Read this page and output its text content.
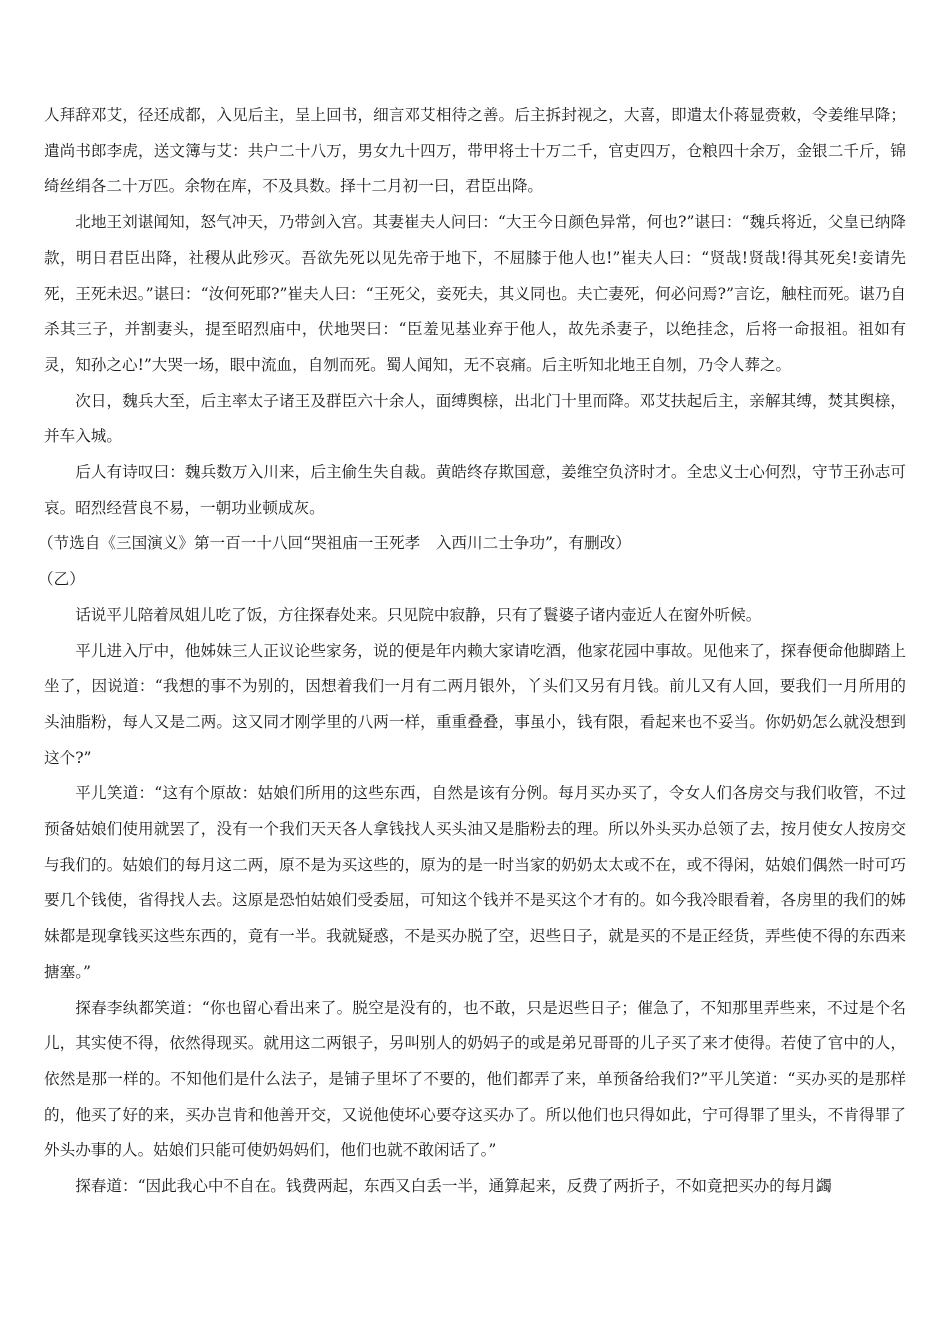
人拜辞邓艾，径还成都，入见后主，呈上回书，细言邓艾相待之善。后主拆封视之，大喜，即遣太仆蒋显赍敕，令姜维早降；遣尚书郎李虎，送文簿与艾：共户二十八万，男女九十四万，带甲将士十万二千，官吏四万，仓粮四十余万，金银二千斤，锦绮丝绢各二十万匹。余物在库，不及具数。择十二月初一曰，君臣出降。

北地王刘谌闻知，怒气冲天，乃带剑入宫。其妻崔夫人问曰：“大王今日颜色异常，何也?”谌曰：“魏兵将近，父皇已纳降款，明日君臣出降，社稷从此殄灭。吾欲先死以见先帝于地下，不屈膝于他人也!”崔夫人曰：“贤哉!贤哉!得其死矣!妾请先死，王死未迟。”谌曰：“汝何死耶?”崔夫人曰：“王死父，妾死夫，其义同也。夫亡妻死，何必问焉?”言讫，触柱而死。谌乃自杀其三子，并割妻头，提至昭烈庙中，伏地哭曰：“臣羞见基业弃于他人，故先杀妻子，以绝挂念，后将一命报祖。祖如有灵，知孙之心!”大哭一场，眼中流血，自刎而死。蜀人闻知，无不哀痛。后主听知北地王自刎，乃令人葬之。

次日，魏兵大至，后主率太子诸王及群臣六十余人，面缚舆榇，出北门十里而降。邓艾扶起后主，亲解其缚，焚其舆榇，并车入城。

后人有诗叹曰：魏兵数万入川来，后主偷生失自裁。黄皓终存欺国意，姜维空负济时才。全忠义士心何烈，守节王孙志可哀。昭烈经营良不易，一朝功业顿成灰。

（节选自《三国演义》第一百一十八回“哭祖庙一王死孝　入西川二士争功”，有删改）

（乙）

话说平儿陪着凤姐儿吃了饭，方往探春处来。只见院中寂静，只有了鬟婆子诸内壶近人在窗外听候。

平儿进入厅中，他姊妹三人正议论些家务，说的便是年内赖大家请吃酒，他家花园中事故。见他来了，探春便命他脚踏上坐了，因说道：“我想的事不为别的，因想着我们一月有二两月银外，丫头们又另有月钱。前儿又有人回，要我们一月所用的头油脂粉，每人又是二两。这又同才刚学里的八两一样，重重叠叠，事虽小，钱有限，看起来也不妥当。你奶奶怎么就没想到这个?”

平儿笑道：“这有个原故：姑娘们所用的这些东西，自然是该有分例。每月买办买了，令女人们各房交与我们收管，不过预备姑娘们使用就罢了，没有一个我们天天各人拿钱找人买头油又是脂粉去的理。所以外头买办总领了去，按月使女人按房交与我们的。姑娘们的每月这二两，原不是为买这些的，原为的是一时当家的奶奶太太或不在，或不得闲，姑娘们偶然一时可巧要几个钱使，省得找人去。这原是恐怕姑娘们受委屈，可知这个钱并不是买这个才有的。如今我冷眼看着，各房里的我们的姊妹都是现拿钱买这些东西的，竟有一半。我就疑惑，不是买办脱了空，迟些日子，就是买的不是正经货，弄些使不得的东西来搪塞。”

探春李纨都笑道：“你也留心看出来了。脱空是没有的，也不敢，只是迟些日子；催急了，不知那里弄些来，不过是个名儿，其实使不得，依然得现买。就用这二两银子，另叫别人的奶妈子的或是弟兄哥哥的儿子买了来才使得。若使了官中的人，依然是那一样的。不知他们是什么法子，是铺子里坏了不要的，他们都弄了来，单预备给我们?”平儿笑道：“买办买的是那样的，他买了好的来，买办岂肯和他善开交，又说他使坏心要夺这买办了。所以他们也只得如此，宁可得罪了里头，不肯得罪了外头办事的人。姑娘们只能可使奶妈妈们，他们也就不敢闲话了。”

探春道：“因此我心中不自在。钱费两起，东西又白丢一半，通算起来，反费了两折子，不如竟把买办的每月蠲
